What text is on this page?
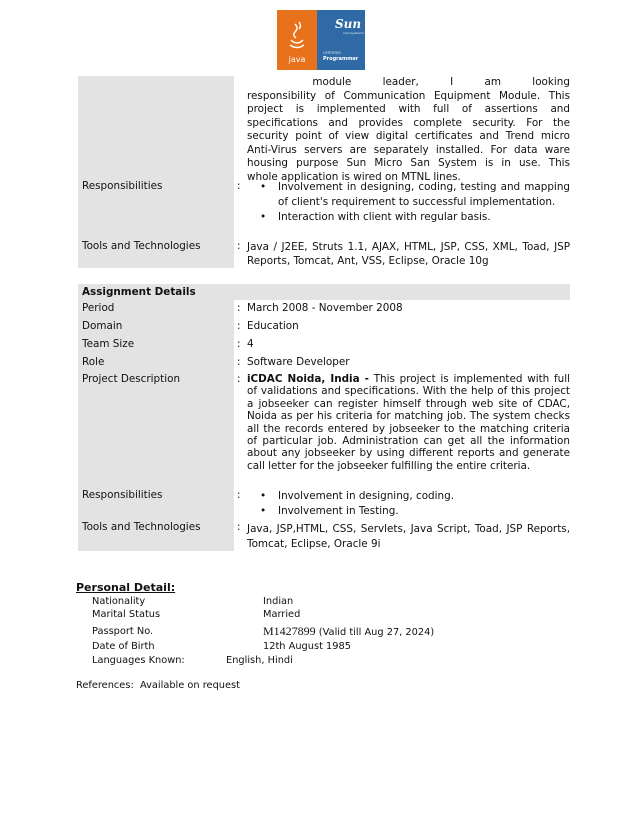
java
Sun
microsystems
CERTIFIED
Programmer

module leader, I am looking

responsibility of Communication Equipment Module. This

project is implemented with full of assertions and

specifications and provides complete security. For the

security point of view digital certificates and Trend micro

Anti-Virus servers are separately installed. For data ware

housing purpose Sun Micro San System is in use. This

whole application is wired on MTNL lines.

Responsibilities	:	• Involvement in designing, coding, testing and mapping of client's requirement to successful implementation.
• Interaction with client with regular basis.
Tools and Technologies	: Java / J2EE, Struts 1.1, AJAX, HTML, JSP, CSS, XML, Toad, JSP Reports, Tomcat, Ant, VSS, Eclipse, Oracle 10g
Assignment Details
Period	: March 2008 - November 2008
Domain	: Education
Team Size	: 4
Role	: Software Developer
Project Description	: iCDAC Noida, India - This project is implemented with full of validations and specifications. With the help of this project a jobseeker can register himself through web site of CDAC, Noida as per his criteria for matching job. The system checks all the records entered by jobseeker to the matching criteria of particular job. Administration can get all the information about any jobseeker by using different reports and generate call letter for the jobseeker fulfilling the entire criteria.
Responsibilities	:	• Involvement in designing, coding.
• Involvement in Testing.
Tools and Technologies	: Java, JSP,HTML, CSS, Servlets, Java Script, Toad, JSP Reports, Tomcat, Eclipse, Oracle 9i
Personal Detail:
Nationality	Indian
Marital Status	Married
Passport No.	M1427899 (Valid till Aug 27, 2024)
Date of Birth	12th August 1985
Languages Known:	English, Hindi
References:  Available on request
